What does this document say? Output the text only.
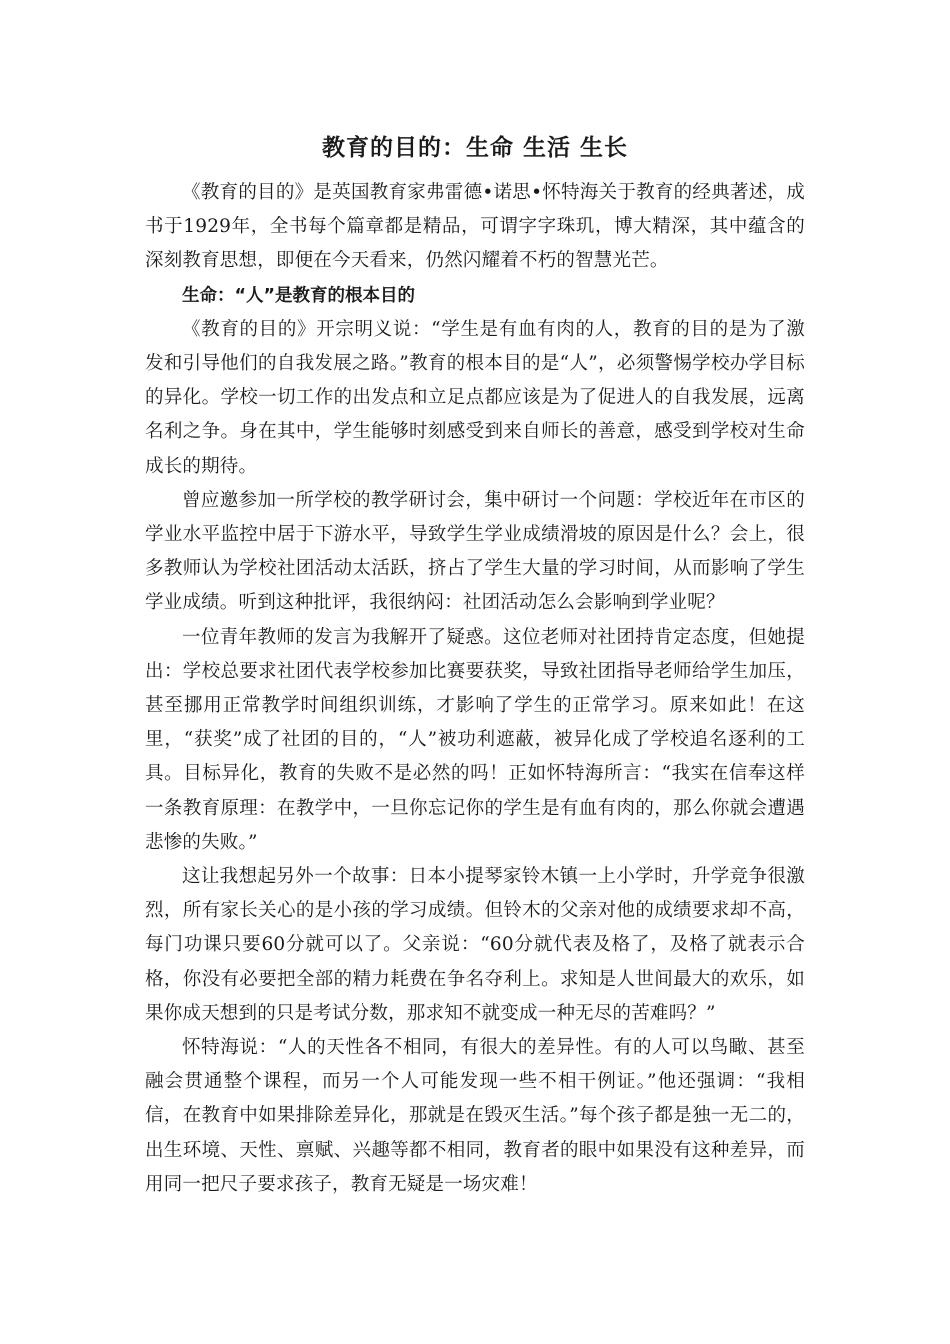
教育的目的：生命 生活 生长

《教育的目的》是英国教育家弗雷德•诺思•怀特海关于教育的经典著述，成书于1929年，全书每个篇章都是精品，可谓字字珠玑，博大精深，其中蕴含的深刻教育思想，即便在今天看来，仍然闪耀着不朽的智慧光芒。

生命：“人”是教育的根本目的

《教育的目的》开宗明义说：“学生是有血有肉的人，教育的目的是为了激发和引导他们的自我发展之路。”教育的根本目的是“人”，必须警惕学校办学目标的异化。学校一切工作的出发点和立足点都应该是为了促进人的自我发展，远离名利之争。身在其中，学生能够时刻感受到来自师长的善意，感受到学校对生命成长的期待。

曾应邀参加一所学校的教学研讨会，集中研讨一个问题：学校近年在市区的学业水平监控中居于下游水平，导致学生学业成绩滑坡的原因是什么？会上，很多教师认为学校社团活动太活跃，挤占了学生大量的学习时间，从而影响了学生学业成绩。听到这种批评，我很纳闷：社团活动怎么会影响到学业呢？

一位青年教师的发言为我解开了疑惑。这位老师对社团持肯定态度，但她提出：学校总要求社团代表学校参加比赛要获奖，导致社团指导老师给学生加压，甚至挪用正常教学时间组织训练，才影响了学生的正常学习。原来如此！在这里，“获奖”成了社团的目的，“人”被功利遮蔽，被异化成了学校追名逐利的工具。目标异化，教育的失败不是必然的吗！正如怀特海所言：“我实在信奉这样一条教育原理：在教学中，一旦你忘记你的学生是有血有肉的，那么你就会遭遇悲惨的失败。”

这让我想起另外一个故事：日本小提琴家铃木镇一上小学时，升学竞争很激烈，所有家长关心的是小孩的学习成绩。但铃木的父亲对他的成绩要求却不高，每门功课只要60分就可以了。父亲说：“60分就代表及格了，及格了就表示合格，你没有必要把全部的精力耗费在争名夺利上。求知是人世间最大的欢乐，如果你成天想到的只是考试分数，那求知不就变成一种无尽的苦难吗？”

怀特海说：“人的天性各不相同，有很大的差异性。有的人可以鸟瞰、甚至融会贯通整个课程，而另一个人可能发现一些不相干例证。”他还强调：“我相信，在教育中如果排除差异化，那就是在毁灭生活。”每个孩子都是独一无二的，出生环境、天性、禀赋、兴趣等都不相同，教育者的眼中如果没有这种差异，而用同一把尺子要求孩子，教育无疑是一场灾难！
